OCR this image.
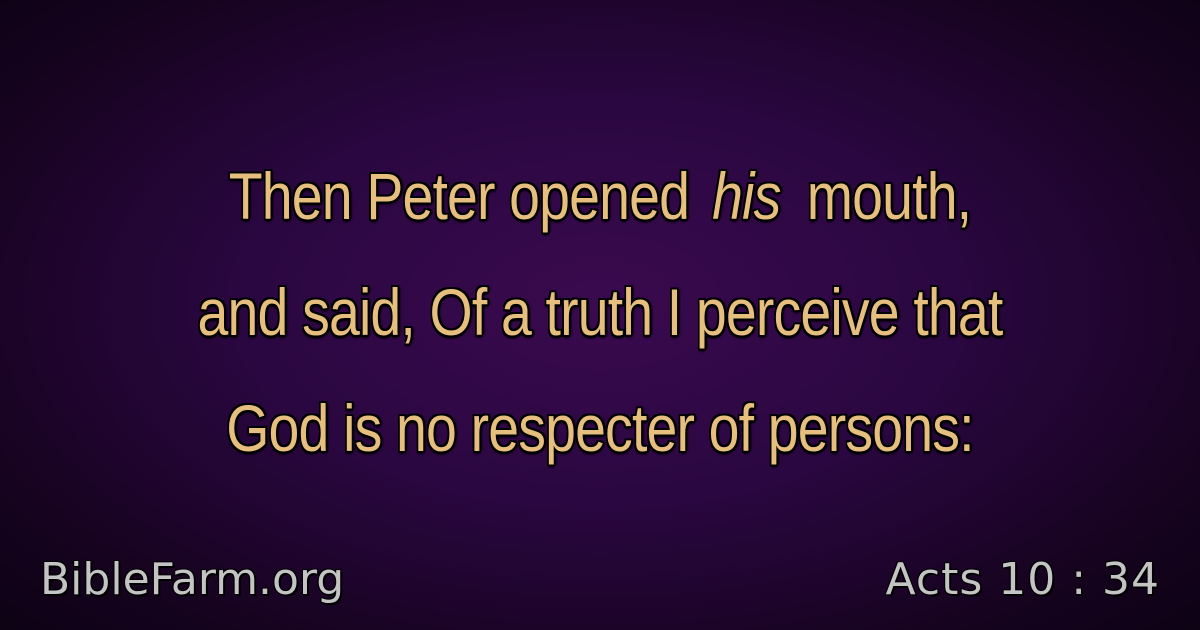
Then Peter opened his mouth,
and said, Of a truth I perceive that
God is no respecter of persons:
BibleFarm.org	Acts 10 : 34
